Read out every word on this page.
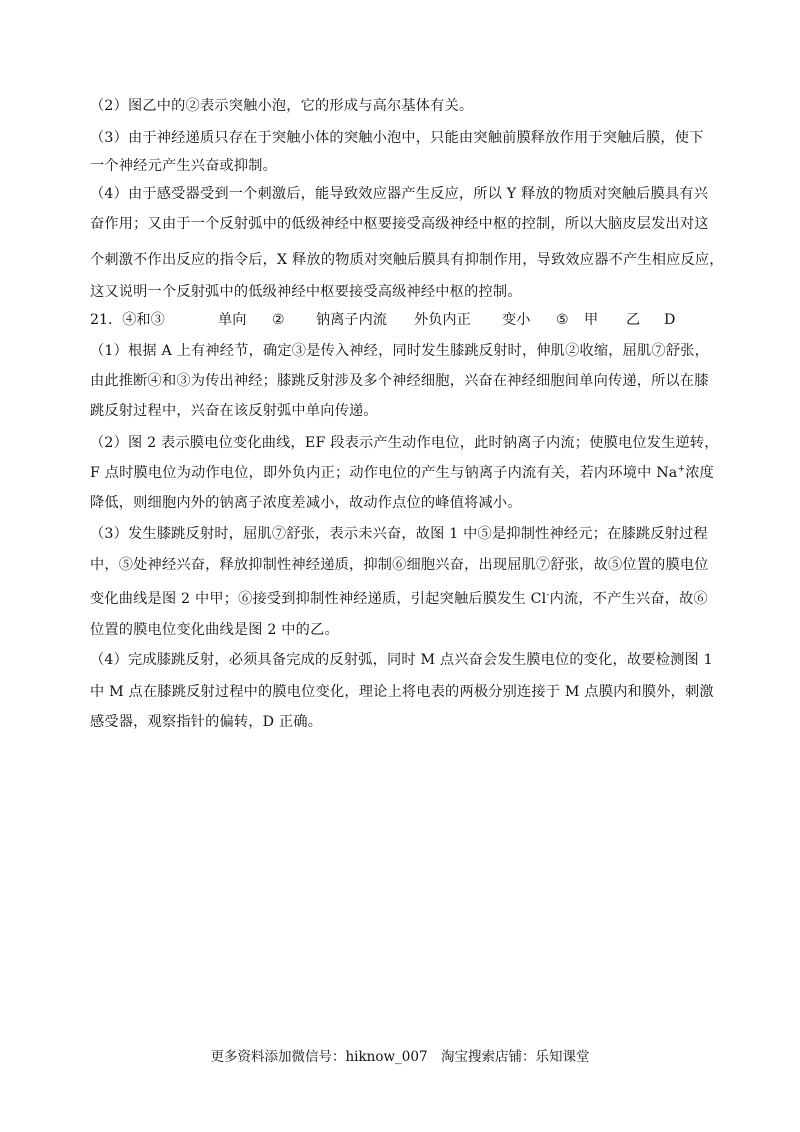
（2）图乙中的②表示突触小泡，它的形成与高尔基体有关。
（3）由于神经递质只存在于突触小体的突触小泡中，只能由突触前膜释放作用于突触后膜，使下
一个神经元产生兴奋或抑制。
（4）由于感受器受到一个刺激后，能导致效应器产生反应，所以 Y 释放的物质对突触后膜具有兴
奋作用；又由于一个反射弧中的低级神经中枢要接受高级神经中枢的控制，所以大脑皮层发出对这
个刺激不作出反应的指令后，X 释放的物质对突触后膜具有抑制作用，导致效应器不产生相应反应，
这又说明一个反射弧中的低级神经中枢要接受高级神经中枢的控制。
21．④和③	单向 ② 钠离子内流 外负内正 变小 ⑤ 甲 乙 D
（1）根据 A 上有神经节，确定③是传入神经，同时发生膝跳反射时，伸肌②收缩，屈肌⑦舒张，
由此推断④和③为传出神经；膝跳反射涉及多个神经细胞，兴奋在神经细胞间单向传递，所以在膝
跳反射过程中，兴奋在该反射弧中单向传递。
（2）图 2 表示膜电位变化曲线，EF 段表示产生动作电位，此时钠离子内流；使膜电位发生逆转，
F 点时膜电位为动作电位，即外负内正；动作电位的产生与钠离子内流有关，若内环境中 Na+浓度
降低，则细胞内外的钠离子浓度差减小，故动作点位的峰值将减小。
（3）发生膝跳反射时，屈肌⑦舒张，表示未兴奋，故图 1 中⑤是抑制性神经元；在膝跳反射过程
中，⑤处神经兴奋，释放抑制性神经递质，抑制⑥细胞兴奋，出现屈肌⑦舒张，故⑤位置的膜电位
变化曲线是图 2 中甲；⑥接受到抑制性神经递质，引起突触后膜发生 Cl-内流，不产生兴奋，故⑥
位置的膜电位变化曲线是图 2 中的乙。
（4）完成膝跳反射，必须具备完成的反射弧，同时 M 点兴奋会发生膜电位的变化，故要检测图 1
中 M 点在膝跳反射过程中的膜电位变化，理论上将电表的两极分别连接于 M 点膜内和膜外，刺激
感受器，观察指针的偏转，D 正确。
更多资料添加微信号：hiknow_007　淘宝搜索店铺：乐知课堂
